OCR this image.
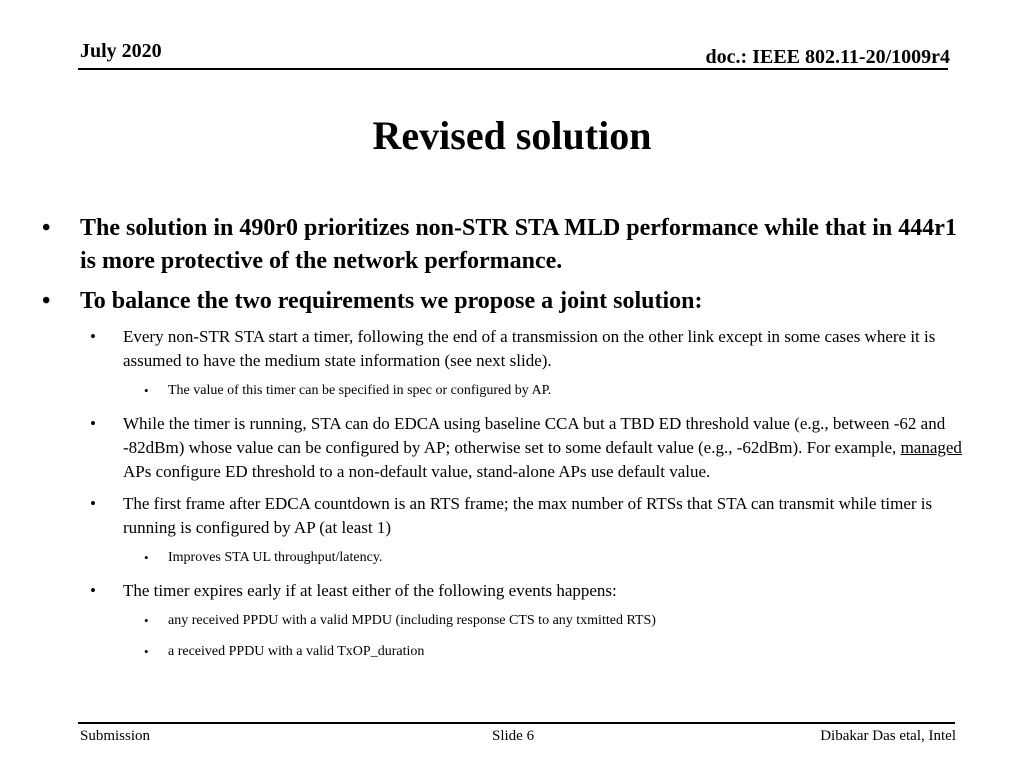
July 2020	doc.: IEEE 802.11-20/1009r4
Revised solution
• The solution in 490r0 prioritizes non-STR STA MLD performance while that in 444r1 is more protective of the network performance.
• To balance the two requirements we propose a joint solution:
• Every non-STR STA start a timer, following the end of a transmission on the other link except in some cases where it is assumed to have the medium state information (see next slide).
• The value of this timer can be specified in spec or configured by AP.
• While the timer is running, STA can do EDCA using baseline CCA but a TBD ED threshold value (e.g., between -62 and -82dBm) whose value can be configured by AP; otherwise set to some default value (e.g., -62dBm). For example, managed APs configure ED threshold to a non-default value, stand-alone APs use default value.
• The first frame after EDCA countdown is an RTS frame; the max number of RTSs that STA can transmit while timer is running is configured by AP (at least 1)
• Improves STA UL throughput/latency.
• The timer expires early if at least either of the following events happens:
• any received PPDU with a valid MPDU (including response CTS to any txmitted RTS)
• a received PPDU with a valid TxOP_duration
Submission	Slide 6	Dibakar Das etal, Intel
